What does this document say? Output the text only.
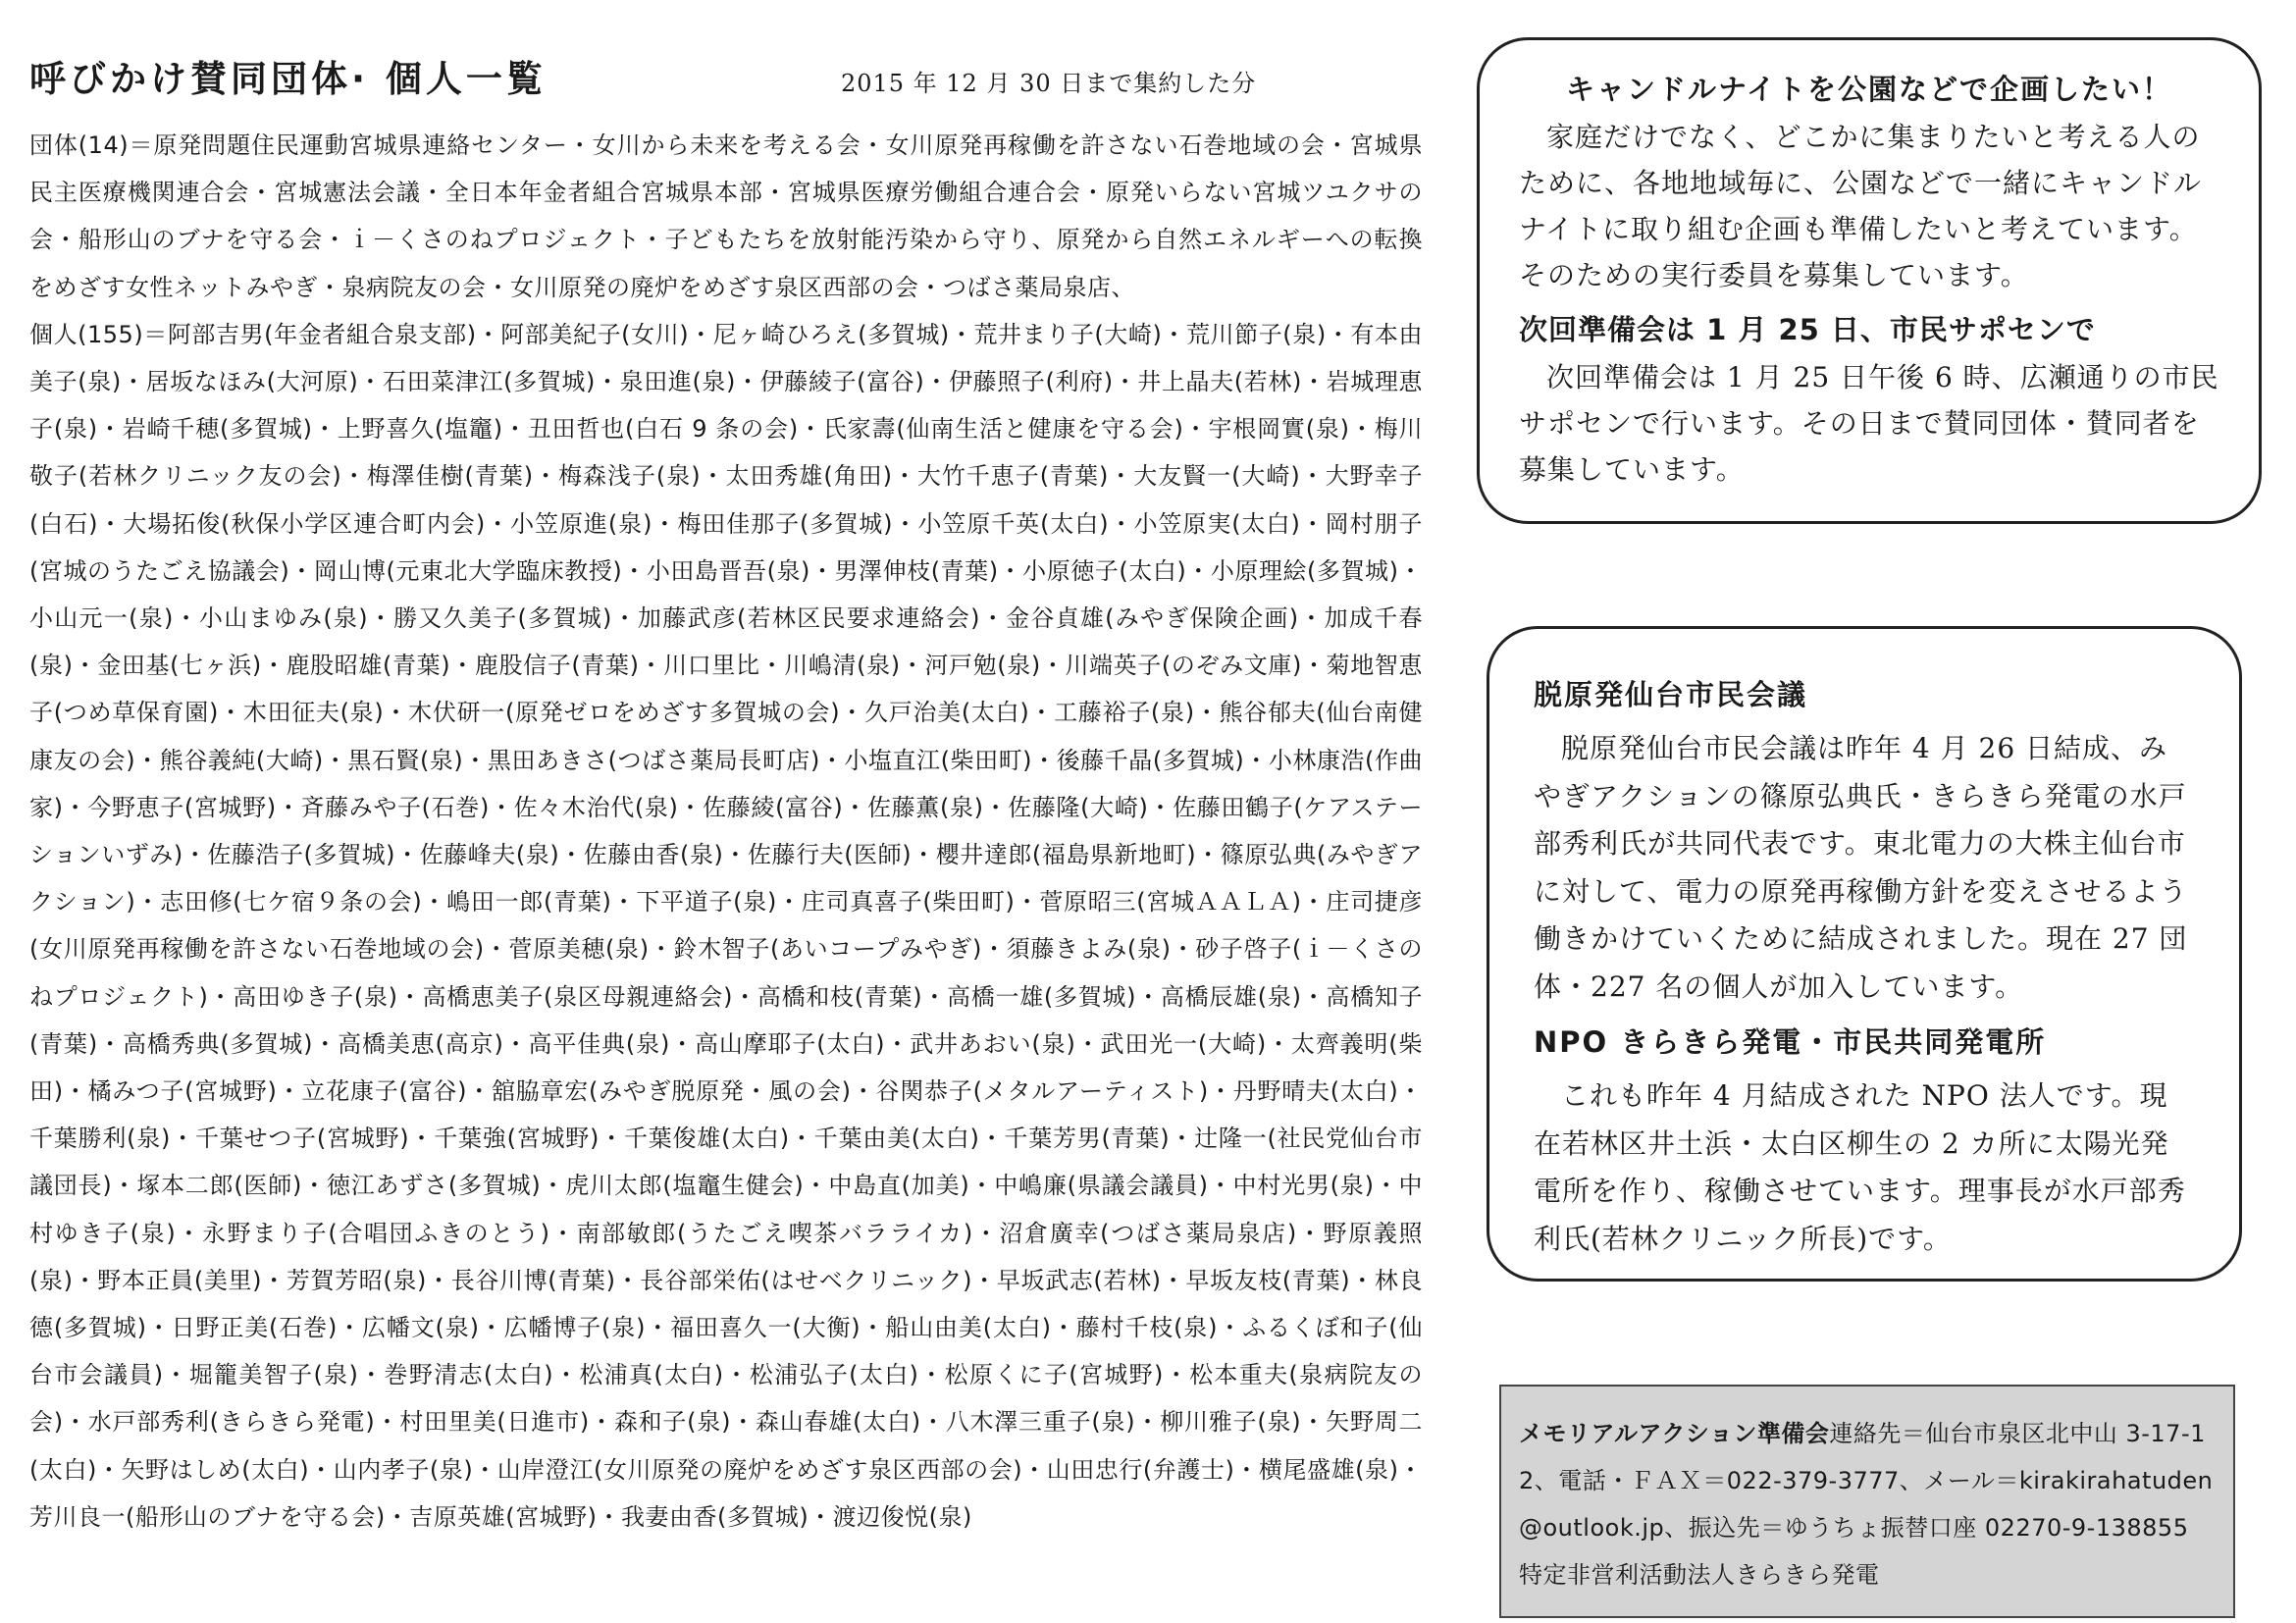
呼びかけ賛同団体· 個人一覧	2015 年 12 月 30 日まで集約した分

団体(14)＝原発問題住民運動宮城県連絡センター・女川から未来を考える会・女川原発再稼働を許さない石巻地域の会・宮城県民主医療機関連合会・宮城憲法会議・全日本年金者組合宮城県本部・宮城県医療労働組合連合会・原発いらない宮城ツユクサの会・船形山のブナを守る会・ｉ－くさのねプロジェクト・子どもたちを放射能汚染から守り、原発から自然エネルギーへの転換をめざす女性ネットみやぎ・泉病院友の会・女川原発の廃炉をめざす泉区西部の会・つばさ薬局泉店、

個人(155)＝阿部吉男(年金者組合泉支部)・阿部美紀子(女川)・尼ヶ崎ひろえ(多賀城)・荒井まり子(大崎)・荒川節子(泉)・有本由美子(泉)・居坂なほみ(大河原)・石田菜津江(多賀城)・泉田進(泉)・伊藤綾子(富谷)・伊藤照子(利府)・井上晶夫(若林)・岩城理恵子(泉)・岩崎千穂(多賀城)・上野喜久(塩竈)・丑田哲也(白石 9 条の会)・氏家壽(仙南生活と健康を守る会)・宇根岡實(泉)・梅川敬子(若林クリニック友の会)・梅澤佳樹(青葉)・梅森浅子(泉)・太田秀雄(角田)・大竹千恵子(青葉)・大友賢一(大崎)・大野幸子(白石)・大場拓俊(秋保小学区連合町内会)・小笠原進(泉)・梅田佳那子(多賀城)・小笠原千英(太白)・小笠原実(太白)・岡村朋子(宮城のうたごえ協議会)・岡山博(元東北大学臨床教授)・小田島晋吾(泉)・男澤伸枝(青葉)・小原徳子(太白)・小原理絵(多賀城)・小山元一(泉)・小山まゆみ(泉)・勝又久美子(多賀城)・加藤武彦(若林区民要求連絡会)・金谷貞雄(みやぎ保険企画)・加成千春(泉)・金田基(七ヶ浜)・鹿股昭雄(青葉)・鹿股信子(青葉)・川口里比・川嶋清(泉)・河戸勉(泉)・川端英子(のぞみ文庫)・菊地智恵子(つめ草保育園)・木田征夫(泉)・木伏研一(原発ゼロをめざす多賀城の会)・久戸治美(太白)・工藤裕子(泉)・熊谷郁夫(仙台南健康友の会)・熊谷義純(大崎)・黒石賢(泉)・黒田あきさ(つばさ薬局長町店)・小塩直江(柴田町)・後藤千晶(多賀城)・小林康浩(作曲家)・今野恵子(宮城野)・斉藤みや子(石巻)・佐々木治代(泉)・佐藤綾(富谷)・佐藤薫(泉)・佐藤隆(大崎)・佐藤田鶴子(ケアステーションいずみ)・佐藤浩子(多賀城)・佐藤峰夫(泉)・佐藤由香(泉)・佐藤行夫(医師)・櫻井達郎(福島県新地町)・篠原弘典(みやぎアクション)・志田修(七ケ宿９条の会)・嶋田一郎(青葉)・下平道子(泉)・庄司真喜子(柴田町)・菅原昭三(宮城ＡＡＬＡ)・庄司捷彦(女川原発再稼働を許さない石巻地域の会)・菅原美穂(泉)・鈴木智子(あいコープみやぎ)・須藤きよみ(泉)・砂子啓子(ｉ－くさのねプロジェクト)・高田ゆき子(泉)・高橋恵美子(泉区母親連絡会)・高橋和枝(青葉)・高橋一雄(多賀城)・高橋辰雄(泉)・高橋知子(青葉)・高橋秀典(多賀城)・高橋美恵(高京)・高平佳典(泉)・高山摩耶子(太白)・武井あおい(泉)・武田光一(大崎)・太齊義明(柴田)・橘みつ子(宮城野)・立花康子(富谷)・舘脇章宏(みやぎ脱原発・風の会)・谷関恭子(メタルアーティスト)・丹野晴夫(太白)・千葉勝利(泉)・千葉せつ子(宮城野)・千葉強(宮城野)・千葉俊雄(太白)・千葉由美(太白)・千葉芳男(青葉)・辻隆一(社民党仙台市議団長)・塚本二郎(医師)・徳江あずさ(多賀城)・虎川太郎(塩竈生健会)・中島直(加美)・中嶋廉(県議会議員)・中村光男(泉)・中村ゆき子(泉)・永野まり子(合唱団ふきのとう)・南部敏郎(うたごえ喫茶バラライカ)・沼倉廣幸(つばさ薬局泉店)・野原義照(泉)・野本正員(美里)・芳賀芳昭(泉)・長谷川博(青葉)・長谷部栄佑(はせベクリニック)・早坂武志(若林)・早坂友枝(青葉)・林良德(多賀城)・日野正美(石巻)・広幡文(泉)・広幡博子(泉)・福田喜久一(大衡)・船山由美(太白)・藤村千枝(泉)・ふるくぼ和子(仙台市会議員)・堀籠美智子(泉)・巻野清志(太白)・松浦真(太白)・松浦弘子(太白)・松原くに子(宮城野)・松本重夫(泉病院友の会)・水戸部秀利(きらきら発電)・村田里美(日進市)・森和子(泉)・森山春雄(太白)・八木澤三重子(泉)・柳川雅子(泉)・矢野周二(太白)・矢野はしめ(太白)・山内孝子(泉)・山岸澄江(女川原発の廃炉をめざす泉区西部の会)・山田忠行(弁護士)・横尾盛雄(泉)・芳川良一(船形山のブナを守る会)・吉原英雄(宮城野)・我妻由香(多賀城)・渡辺俊悦(泉)

キャンドルナイトを公園などで企画したい！

家庭だけでなく、どこかに集まりたいと考える人のために、各地地域毎に、公園などで一緒にキャンドルナイトに取り組む企画も準備したいと考えています。そのための実行委員を募集しています。

次回準備会は 1 月 25 日、市民サポセンで

次回準備会は 1 月 25 日午後 6 時、広瀬通りの市民サポセンで行います。その日まで賛同団体・賛同者を募集しています。

脱原発仙台市民会議

脱原発仙台市民会議は昨年 4 月 26 日結成、みやぎアクションの篠原弘典氏・きらきら発電の水戸部秀利氏が共同代表です。東北電力の大株主仙台市に対して、電力の原発再稼働方針を変えさせるよう働きかけていくために結成されました。現在 27 団体・227 名の個人が加入しています。

NPO きらきら発電・市民共同発電所

これも昨年 4 月結成された NPO 法人です。現在若林区井土浜・太白区柳生の 2 カ所に太陽光発電所を作り、稼働させています。理事長が水戸部秀利氏(若林クリニック所長)です。

メモリアルアクション準備会連絡先＝仙台市泉区北中山 3-17-12、電話・ＦＡＸ＝022-379-3777、メール＝kirakirahatuden@outlook.jp、振込先＝ゆうちょ振替口座 02270-9-138855　特定非営利活動法人きらきら発電
